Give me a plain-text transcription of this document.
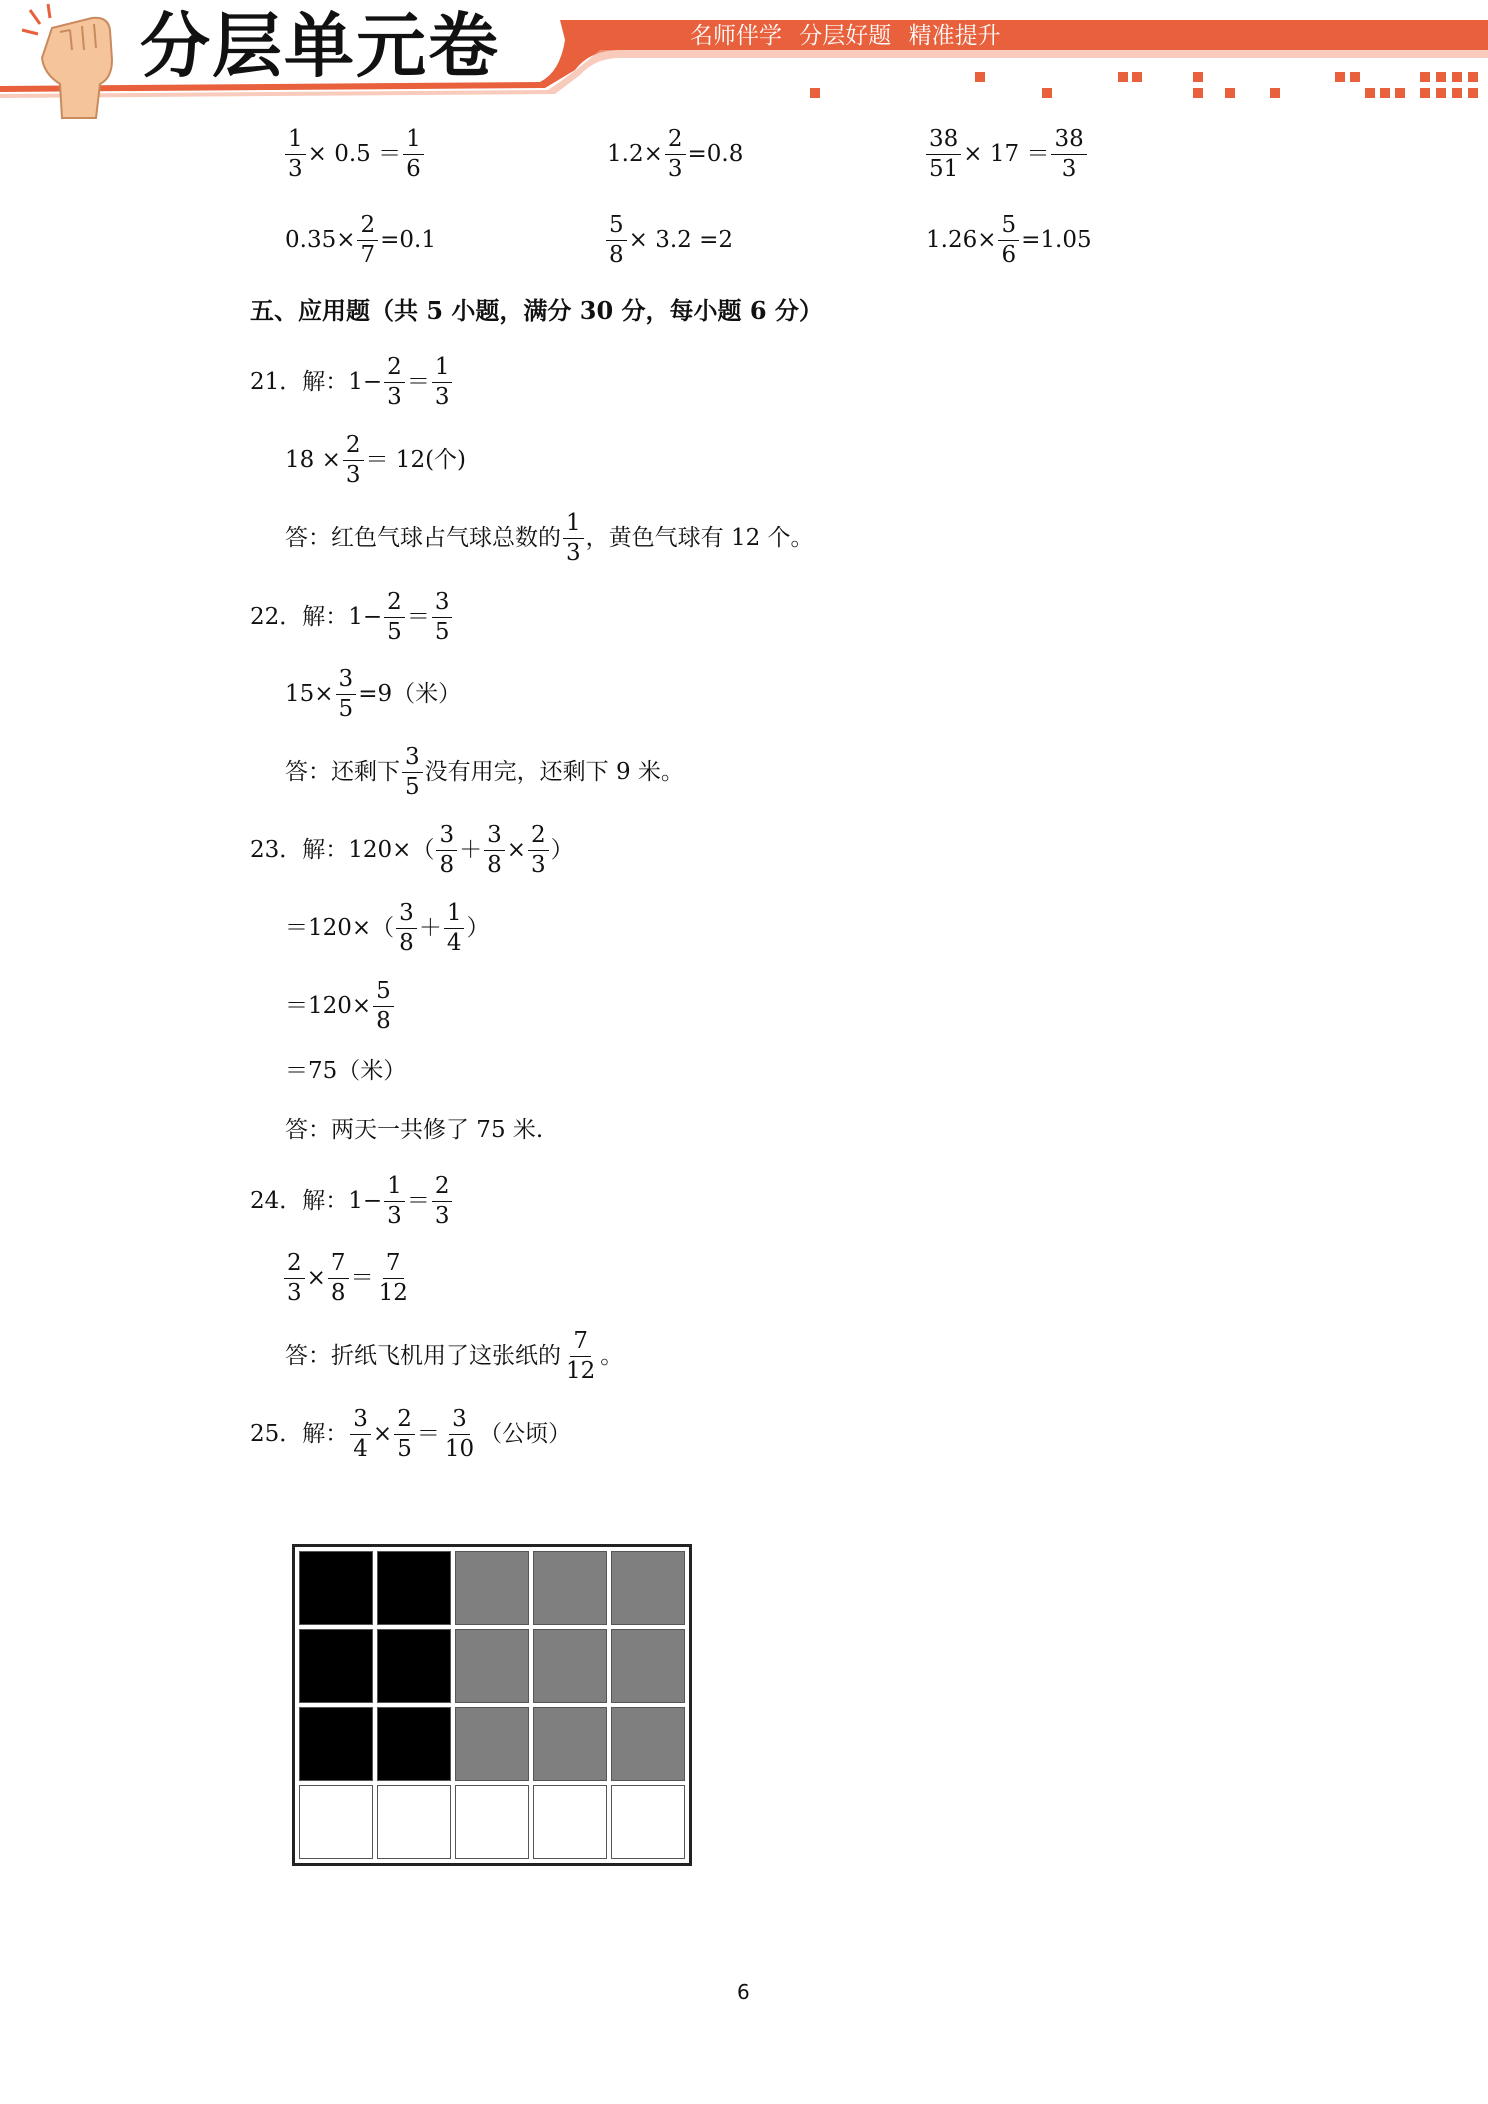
分层单元卷	名师伴学 分层好题 精准提升
$\frac{1}{3} \times 0.5 = \frac{1}{6}$	$1.2\times \frac{2}{3} =0.8$	$\frac{38}{51} \times 17 = \frac{38}{3}$
$0.35\times \frac{2}{7} =0.1$	$\frac{5}{8} \times 3.2 =2$	$1.26\times \frac{5}{6} =1.05$
五、应用题（共 5 小题，满分 30 分，每小题 6 分）
21．解：$1- \frac{2}{3} = \frac{1}{3}$
$18 \times \frac{2}{3} = 12$(个)
答：红色气球占气球总数的 $\frac{1}{3}$ ，黄色气球有 12 个。
22．解：$1- \frac{2}{5} = \frac{3}{5}$
$15\times \frac{3}{5} =9$（米）
答：还剩下 $\frac{3}{5}$ 没有用完，还剩下 9 米。
23．解：$120\times( \frac{3}{8} + \frac{3}{8} \times \frac{2}{3}$ ）
$=120\times( \frac{3}{8} + \frac{1}{4}$ ）
$=120\times \frac{5}{8}$
＝75（米）
答：两天一共修了 75 米.
24．解：$1- \frac{1}{3} = \frac{2}{3}$
$\frac{2}{3} \times \frac{7}{8} = \frac{7}{12}$
答：折纸飞机用了这张纸的 $\frac{7}{12}$ 。
25．解： $\frac{3}{4} \times \frac{2}{5} = \frac{3}{10}$ （公顷）
6
